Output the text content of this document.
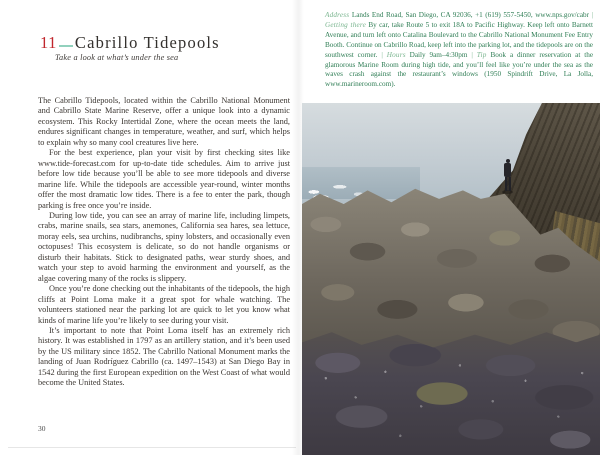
11 Cabrillo Tidepools
Take a look at what’s under the sea

The Cabrillo Tidepools, located within the Cabrillo National Monument and Cabrillo State Marine Reserve, offer a unique look into a dynamic ecosystem. This Rocky Intertidal Zone, where the ocean meets the land, endures significant changes in temperature, weather, and surf, which helps to explain why so many cool creatures live here.

For the best experience, plan your visit by first checking sites like www.tide-forecast.com for up-to-date tide schedules. Aim to arrive just before low tide because you’ll be able to see more tidepools and diverse marine life. While the tidepools are accessible year-round, winter months offer the most dramatic low tides. There is a fee to enter the park, though parking is free once you’re inside.

During low tide, you can see an array of marine life, including limpets, crabs, marine snails, sea stars, anemones, California sea hares, sea lettuce, moray eels, sea urchins, nudibranchs, spiny lobsters, and occasionally even octopuses! This ecosystem is delicate, so do not handle organisms or disturb their habitats. Stick to designated paths, wear sturdy shoes, and watch your step to avoid harming the environment and yourself, as the algae covering many of the rocks is slippery.

Once you’re done checking out the inhabitants of the tidepools, the high cliffs at Point Loma make it a great spot for whale watching. The volunteers stationed near the parking lot are quick to let you know what kinds of marine life you’re likely to see during your visit.

It’s important to note that Point Loma itself has an extremely rich history. It was established in 1797 as an artillery station, and it’s been used by the US military since 1852. The Cabrillo National Monument marks the landing of Juan Rodríguez Cabrillo (ca. 1497–1543) at San Diego Bay in 1542 during the first European expedition on the West Coast of what would become the United States.

30

Address Lands End Road, San Diego, CA 92036, +1 (619) 557-5450, www.nps.gov/cabr | Getting there By car, take Route 5 to exit 18A to Pacific Highway. Keep left onto Barnett Avenue, and turn left onto Catalina Boulevard to the Cabrillo National Monument Fee Entry Booth. Continue on Cabrillo Road, keep left into the parking lot, and the tidepools are on the southwest corner. | Hours Daily 9am–4:30pm | Tip Book a dinner reservation at the glamorous Marine Room during high tide, and you’ll feel like you’re under the sea as the waves crash against the restaurant’s windows (1950 Spindrift Drive, La Jolla, www.marineroom.com).
